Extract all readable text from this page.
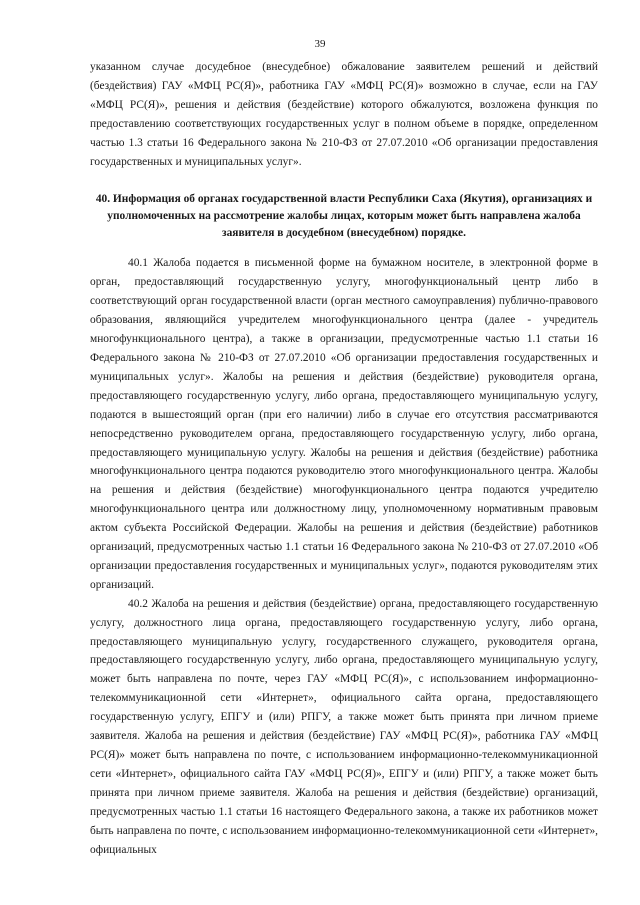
39

указанном случае досудебное (внесудебное) обжалование заявителем решений и действий (бездействия) ГАУ «МФЦ РС(Я)», работника ГАУ «МФЦ РС(Я)» возможно в случае, если на ГАУ «МФЦ РС(Я)», решения и действия (бездействие) которого обжалуются, возложена функция по предоставлению соответствующих государственных услуг в полном объеме в порядке, определенном частью 1.3 статьи 16 Федерального закона № 210-ФЗ от 27.07.2010 «Об организации предоставления государственных и муниципальных услуг».

40. Информация об органах государственной власти Республики Саха (Якутия), организациях и уполномоченных на рассмотрение жалобы лицах, которым может быть направлена жалоба заявителя в досудебном (внесудебном) порядке.

40.1 Жалоба подается в письменной форме на бумажном носителе, в электронной форме в орган, предоставляющий государственную услугу, многофункциональный центр либо в соответствующий орган государственной власти (орган местного самоуправления) публично-правового образования, являющийся учредителем многофункционального центра (далее - учредитель многофункционального центра), а также в организации, предусмотренные частью 1.1 статьи 16 Федерального закона № 210-ФЗ от 27.07.2010 «Об организации предоставления государственных и муниципальных услуг». Жалобы на решения и действия (бездействие) руководителя органа, предоставляющего государственную услугу, либо органа, предоставляющего муниципальную услугу, подаются в вышестоящий орган (при его наличии) либо в случае его отсутствия рассматриваются непосредственно руководителем органа, предоставляющего государственную услугу, либо органа, предоставляющего муниципальную услугу. Жалобы на решения и действия (бездействие) работника многофункционального центра подаются руководителю этого многофункционального центра. Жалобы на решения и действия (бездействие) многофункционального центра подаются учредителю многофункционального центра или должностному лицу, уполномоченному нормативным правовым актом субъекта Российской Федерации. Жалобы на решения и действия (бездействие) работников организаций, предусмотренных частью 1.1 статьи 16 Федерального закона № 210-ФЗ от 27.07.2010 «Об организации предоставления государственных и муниципальных услуг», подаются руководителям этих организаций.

40.2 Жалоба на решения и действия (бездействие) органа, предоставляющего государственную услугу, должностного лица органа, предоставляющего государственную услугу, либо органа, предоставляющего муниципальную услугу, государственного служащего, руководителя органа, предоставляющего государственную услугу, либо органа, предоставляющего муниципальную услугу, может быть направлена по почте, через ГАУ «МФЦ РС(Я)», с использованием информационно-телекоммуникационной сети «Интернет», официального сайта органа, предоставляющего государственную услугу, ЕПГУ и (или) РПГУ, а также может быть принята при личном приеме заявителя. Жалоба на решения и действия (бездействие) ГАУ «МФЦ РС(Я)», работника ГАУ «МФЦ РС(Я)» может быть направлена по почте, с использованием информационно-телекоммуникационной сети «Интернет», официального сайта ГАУ «МФЦ РС(Я)», ЕПГУ и (или) РПГУ, а также может быть принята при личном приеме заявителя. Жалоба на решения и действия (бездействие) организаций, предусмотренных частью 1.1 статьи 16 настоящего Федерального закона, а также их работников может быть направлена по почте, с использованием информационно-телекоммуникационной сети «Интернет», официальных
